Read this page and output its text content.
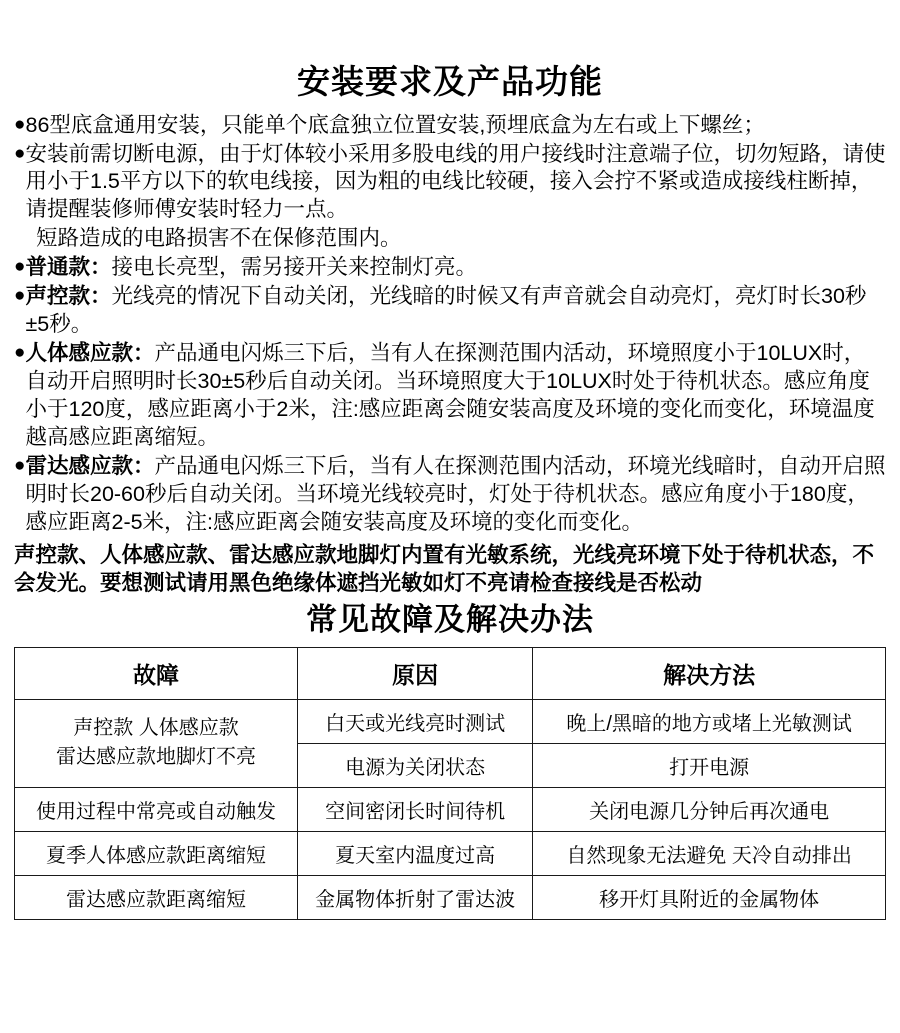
安装要求及产品功能
● 86型底盒通用安装，只能单个底盒独立位置安装,预埋底盒为左右或上下螺丝；
● 安装前需切断电源，由于灯体较小采用多股电线的用户接线时注意端子位，切勿短路，请使用小于1.5平方以下的软电线接，因为粗的电线比较硬，接入会拧不紧或造成接线柱断掉，请提醒装修师傅安装时轻力一点。
短路造成的电路损害不在保修范围内。
● 普通款：接电长亮型，需另接开关来控制灯亮。
● 声控款：光线亮的情况下自动关闭，光线暗的时候又有声音就会自动亮灯，亮灯时长30秒±5秒。
● 人体感应款：产品通电闪烁三下后，当有人在探测范围内活动，环境照度小于10LUX时，自动开启照明时长30±5秒后自动关闭。当环境照度大于10LUX时处于待机状态。感应角度小于120度，感应距离小于2米，注:感应距离会随安装高度及环境的变化而变化，环境温度越高感应距离缩短。
● 雷达感应款：产品通电闪烁三下后，当有人在探测范围内活动，环境光线暗时，自动开启照明时长20-60秒后自动关闭。当环境光线较亮时，灯处于待机状态。感应角度小于180度，感应距离2-5米，注:感应距离会随安装高度及环境的变化而变化。
声控款、人体感应款、雷达感应款地脚灯内置有光敏系统，光线亮环境下处于待机状态，不会发光。要想测试请用黑色绝缘体遮挡光敏如灯不亮请检查接线是否松动
常见故障及解决办法
故障	原因	解决方法

声控款 人体感应款
雷达感应款地脚灯不亮	白天或光线亮时测试	晚上/黑暗的地方或堵上光敏测试
	电源为关闭状态	打开电源
使用过程中常亮或自动触发	空间密闭长时间待机	关闭电源几分钟后再次通电
夏季人体感应款距离缩短	夏天室内温度过高	自然现象无法避免 天冷自动排出
雷达感应款距离缩短	金属物体折射了雷达波	移开灯具附近的金属物体
